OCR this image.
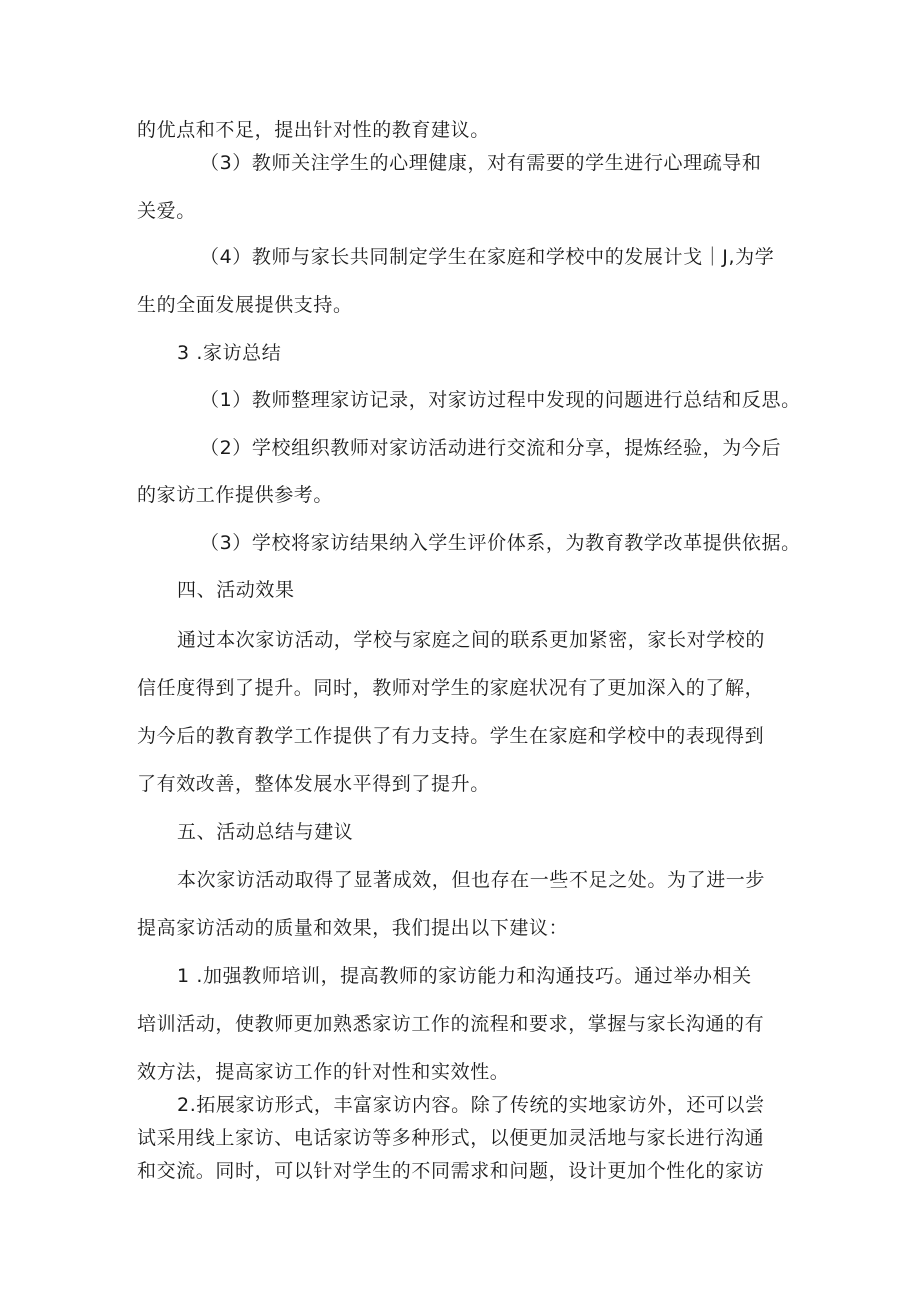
的优点和不足，提出针对性的教育建议。
（3）教师关注学生的心理健康，对有需要的学生进行心理疏导和
关爱。
（4）教师与家长共同制定学生在家庭和学校中的发展计戈｜J,为学
生的全面发展提供支持。
3 .家访总结
（1）教师整理家访记录，对家访过程中发现的问题进行总结和反思。
（2）学校组织教师对家访活动进行交流和分享，提炼经验，为今后
的家访工作提供参考。
（3）学校将家访结果纳入学生评价体系，为教育教学改革提供依据。
四、活动效果
通过本次家访活动，学校与家庭之间的联系更加紧密，家长对学校的
信任度得到了提升。同时，教师对学生的家庭状况有了更加深入的了解，
为今后的教育教学工作提供了有力支持。学生在家庭和学校中的表现得到
了有效改善，整体发展水平得到了提升。
五、活动总结与建议
本次家访活动取得了显著成效，但也存在一些不足之处。为了进一步
提高家访活动的质量和效果，我们提出以下建议：
1 .加强教师培训，提高教师的家访能力和沟通技巧。通过举办相关
培训活动，使教师更加熟悉家访工作的流程和要求，掌握与家长沟通的有
效方法，提高家访工作的针对性和实效性。
2.拓展家访形式，丰富家访内容。除了传统的实地家访外，还可以尝
试采用线上家访、电话家访等多种形式，以便更加灵活地与家长进行沟通
和交流。同时，可以针对学生的不同需求和问题，设计更加个性化的家访
